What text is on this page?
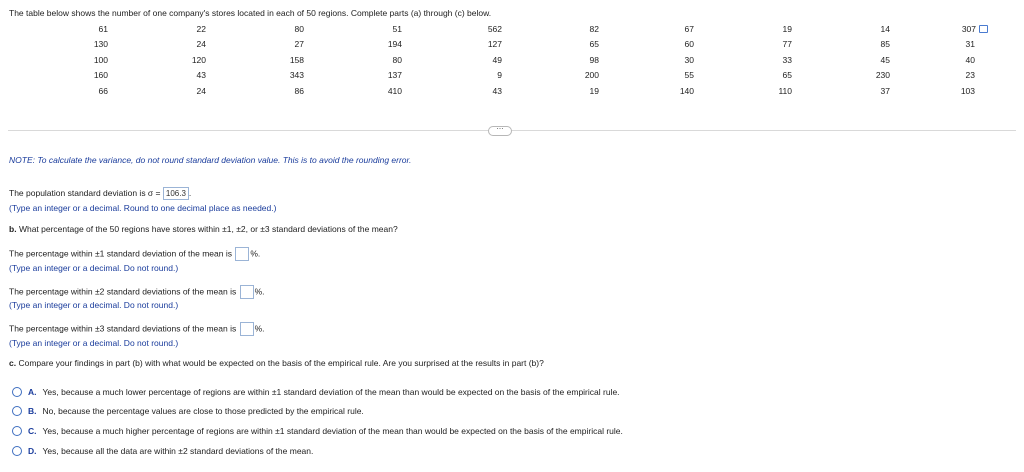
The table below shows the number of one company's stores located in each of 50 regions. Complete parts (a) through (c) below.
61	22	80	51	562	82	67	19	14	307
130	24	27	194	127	65	60	77	85	31
100	120	158	80	49	98	30	33	45	40
160	43	343	137	9	200	55	65	230	23
66	24	86	410	43	19	140	110	37	103
⋯
NOTE: To calculate the variance, do not round standard deviation value. This is to avoid the rounding error.
The population standard deviation is σ = 106.3 .
(Type an integer or a decimal. Round to one decimal place as needed.)
b. What percentage of the 50 regions have stores within ±1, ±2, or ±3 standard deviations of the mean?
The percentage within ±1 standard deviation of the mean is %.
(Type an integer or a decimal. Do not round.)
The percentage within ±2 standard deviations of the mean is %.
(Type an integer or a decimal. Do not round.)
The percentage within ±3 standard deviations of the mean is %.
(Type an integer or a decimal. Do not round.)
c. Compare your findings in part (b) with what would be expected on the basis of the empirical rule. Are you surprised at the results in part (b)?
A. Yes, because a much lower percentage of regions are within ±1 standard deviation of the mean than would be expected on the basis of the empirical rule.
B. No, because the percentage values are close to those predicted by the empirical rule.
C. Yes, because a much higher percentage of regions are within ±1 standard deviation of the mean than would be expected on the basis of the empirical rule.
D. Yes, because all the data are within ±2 standard deviations of the mean.
